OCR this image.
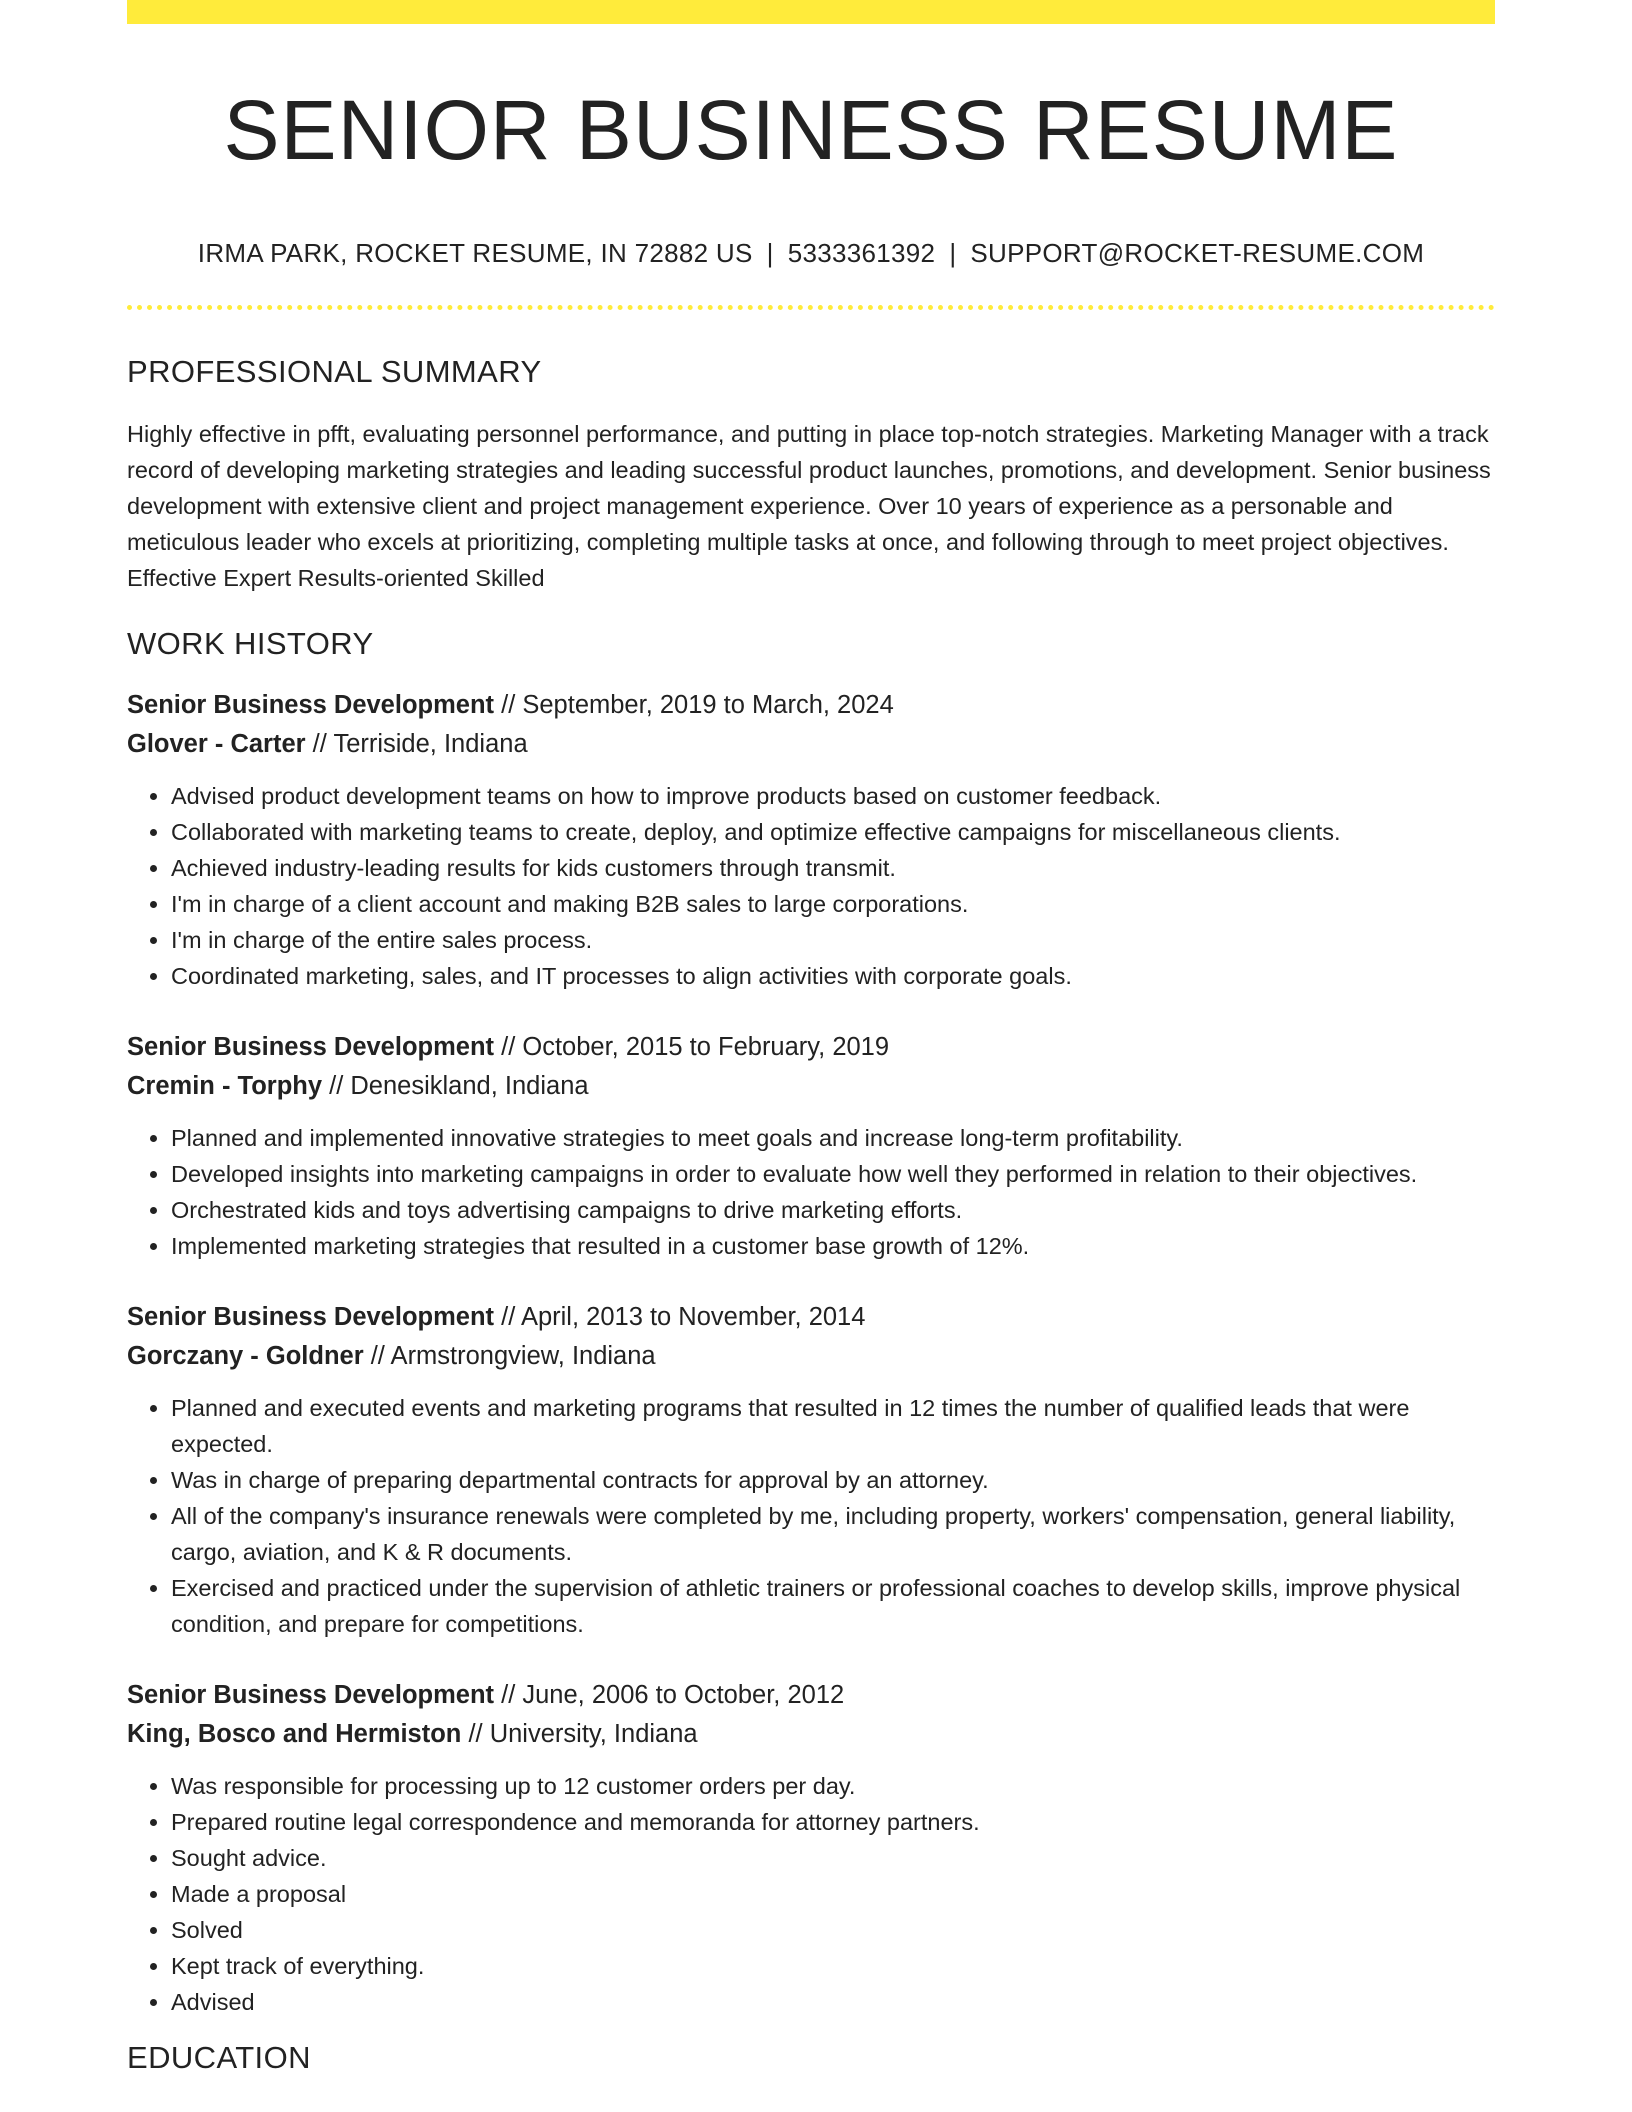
SENIOR BUSINESS RESUME
IRMA PARK, ROCKET RESUME, IN 72882 US | 5333361392 | SUPPORT@ROCKET-RESUME.COM
PROFESSIONAL SUMMARY

Highly effective in pfft, evaluating personnel performance, and putting in place top-notch strategies. Marketing Manager with a track record of developing marketing strategies and leading successful product launches, promotions, and development. Senior business development with extensive client and project management experience. Over 10 years of experience as a personable and meticulous leader who excels at prioritizing, completing multiple tasks at once, and following through to meet project objectives. Effective Expert Results-oriented Skilled

WORK HISTORY
Senior Business Development // September, 2019 to March, 2024
Glover - Carter // Terriside, Indiana
• Advised product development teams on how to improve products based on customer feedback.
• Collaborated with marketing teams to create, deploy, and optimize effective campaigns for miscellaneous clients.
• Achieved industry-leading results for kids customers through transmit.
• I'm in charge of a client account and making B2B sales to large corporations.
• I'm in charge of the entire sales process.
• Coordinated marketing, sales, and IT processes to align activities with corporate goals.
Senior Business Development // October, 2015 to February, 2019
Cremin - Torphy // Denesikland, Indiana
• Planned and implemented innovative strategies to meet goals and increase long-term profitability.
• Developed insights into marketing campaigns in order to evaluate how well they performed in relation to their objectives.
• Orchestrated kids and toys advertising campaigns to drive marketing efforts.
• Implemented marketing strategies that resulted in a customer base growth of 12%.
Senior Business Development // April, 2013 to November, 2014
Gorczany - Goldner // Armstrongview, Indiana
• Planned and executed events and marketing programs that resulted in 12 times the number of qualified leads that were expected.
• Was in charge of preparing departmental contracts for approval by an attorney.
• All of the company's insurance renewals were completed by me, including property, workers' compensation, general liability, cargo, aviation, and K & R documents.
• Exercised and practiced under the supervision of athletic trainers or professional coaches to develop skills, improve physical condition, and prepare for competitions.
Senior Business Development // June, 2006 to October, 2012
King, Bosco and Hermiston // University, Indiana
• Was responsible for processing up to 12 customer orders per day.
• Prepared routine legal correspondence and memoranda for attorney partners.
• Sought advice.
• Made a proposal
• Solved
• Kept track of everything.
• Advised
EDUCATION
